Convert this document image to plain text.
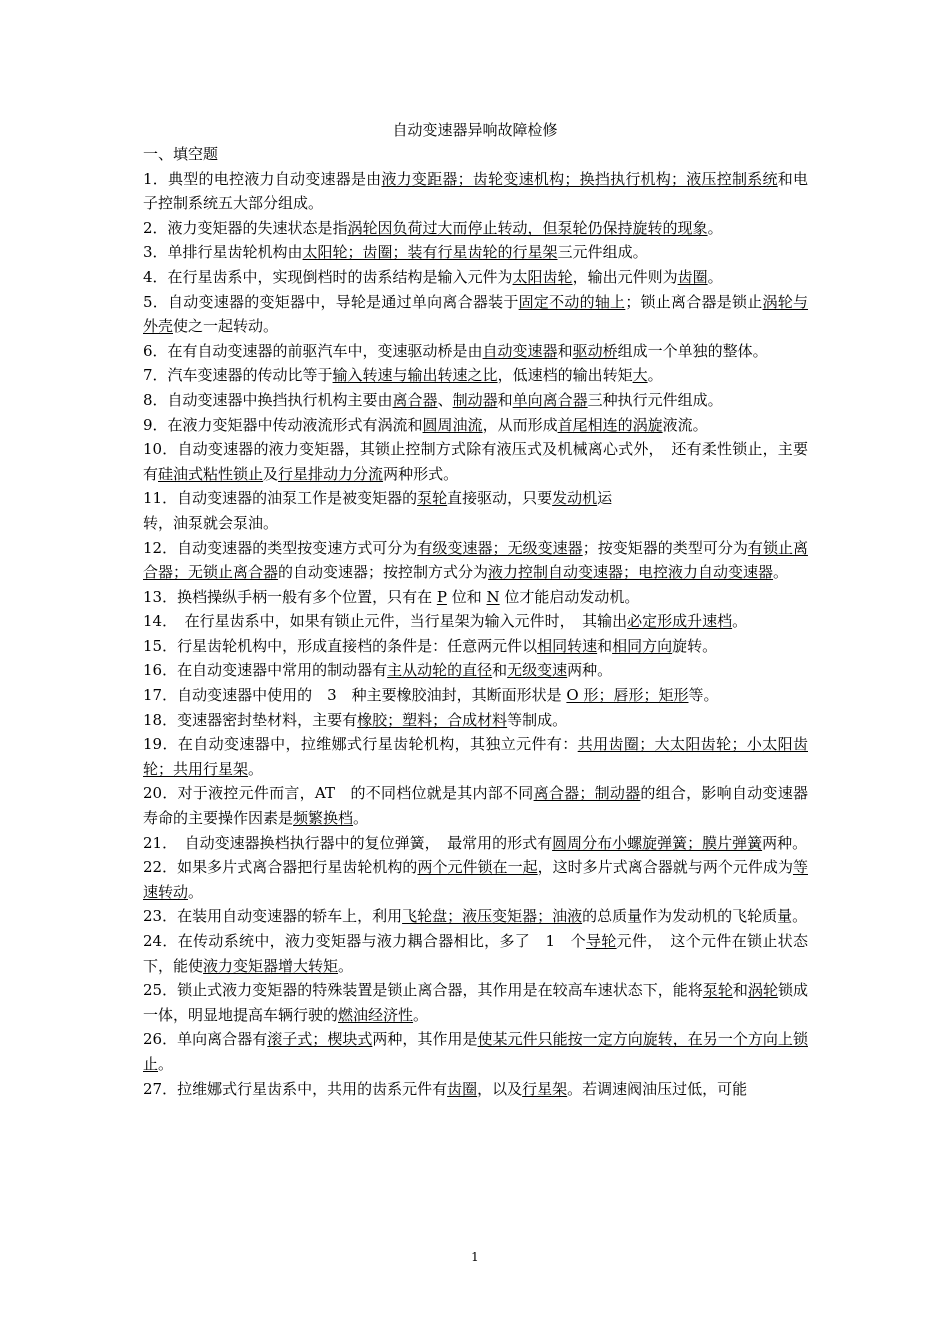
自动变速器异响故障检修

一、填空题

1．典型的电控液力自动变速器是由液力变距器；齿轮变速机构；换挡执行机构；液压控制系统和电子控制系统五大部分组成。

2．液力变矩器的失速状态是指涡轮因负荷过大而停止转动，但泵轮仍保持旋转的现象。

3．单排行星齿轮机构由太阳轮；齿圈；装有行星齿轮的行星架三元件组成。

4．在行星齿系中，实现倒档时的齿系结构是输入元件为太阳齿轮，输出元件则为齿圈。

5．自动变速器的变矩器中，导轮是通过单向离合器装于固定不动的轴上；锁止离合器是锁止涡轮与外壳使之一起转动。

6．在有自动变速器的前驱汽车中，变速驱动桥是由自动变速器和驱动桥组成一个单独的整体。

7．汽车变速器的传动比等于输入转速与输出转速之比，低速档的输出转矩大。

8．自动变速器中换挡执行机构主要由离合器、制动器和单向离合器三种执行元件组成。

9．在液力变矩器中传动液流形式有涡流和圆周油流，从而形成首尾相连的涡旋液流。

10．自动变速器的液力变矩器，其锁止控制方式除有液压式及机械离心式外，　还有柔性锁止，主要有硅油式粘性锁止及行星排动力分流两种形式。

11．自动变速器的油泵工作是被变矩器的泵轮直接驱动，只要发动机运
转，油泵就会泵油。

12．自动变速器的类型按变速方式可分为有级变速器；无级变速器；按变矩器的类型可分为有锁止离合器；无锁止离合器的自动变速器；按控制方式分为液力控制自动变速器；电控液力自动变速器。

13．换档操纵手柄一般有多个位置，只有在 P 位和 N 位才能启动发动机。

14．　在行星齿系中，如果有锁止元件，当行星架为输入元件时，　其输出必定形成升速档。

15．行星齿轮机构中，形成直接档的条件是：任意两元件以相同转速和相同方向旋转。

16．在自动变速器中常用的制动器有主从动轮的直径和无级变速两种。

17．自动变速器中使用的　3　种主要橡胶油封，其断面形状是 O 形；唇形；矩形等。

18．变速器密封垫材料，主要有橡胶；塑料；合成材料等制成。

19．在自动变速器中，拉维娜式行星齿轮机构，其独立元件有：共用齿圈；大太阳齿轮；小太阳齿轮；共用行星架。

20．对于液控元件而言，AT　的不同档位就是其内部不同离合器；制动器的组合，影响自动变速器寿命的主要操作因素是频繁换档。

21．　自动变速器换档执行器中的复位弹簧，　最常用的形式有圆周分布小螺旋弹簧；膜片弹簧两种。

22．如果多片式离合器把行星齿轮机构的两个元件锁在一起，这时多片式离合器就与两个元件成为等速转动。

23．在装用自动变速器的轿车上，利用飞轮盘；液压变矩器；油液的总质量作为发动机的飞轮质量。

24．在传动系统中，液力变矩器与液力耦合器相比，多了　1　个导轮元件，　这个元件在锁止状态下，能使液力变矩器增大转矩。

25．锁止式液力变矩器的特殊装置是锁止离合器，其作用是在较高车速状态下，能将泵轮和涡轮锁成一体，明显地提高车辆行驶的燃油经济性。

26．单向离合器有滚子式；楔块式两种，其作用是使某元件只能按一定方向旋转，在另一个方向上锁止。

27．拉维娜式行星齿系中，共用的齿系元件有齿圈，以及行星架。若调速阀油压过低，可能

1
